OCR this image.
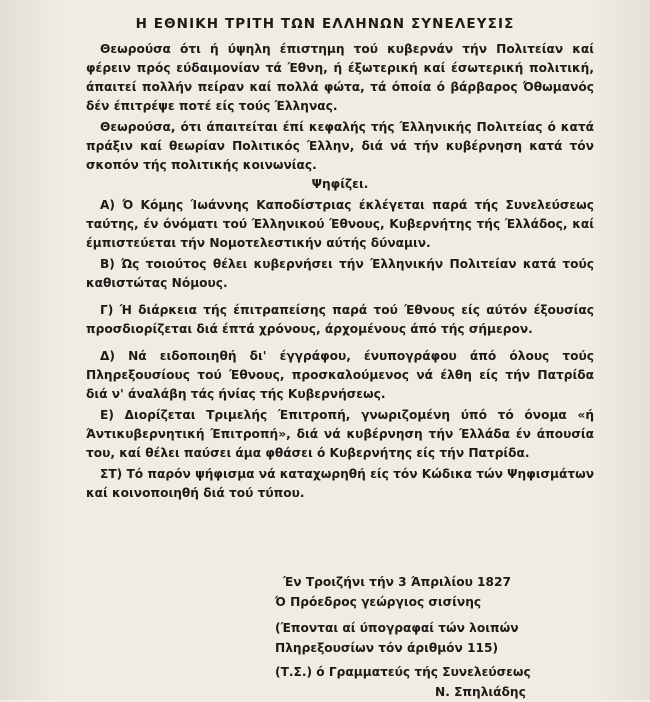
Η ΕΘΝΙΚΗ ΤΡΙΤΗ ΤΩΝ ΕΛΛΗΝΩΝ ΣΥΝΕΛΕΥΣΙΣ

Θεωρούσα ότι ή ύψηλη έπιστημη τού κυβερνάν τήν Πολιτείαν καί φέρειν πρός εύδαιμονίαν τά Έθνη, ή έξωτερική καί έσωτερική πολιτική, άπαιτεί πολλήν πείραν καί πολλά φώτα, τά όποία ό βάρβαρος Όθωμανός δέν έπιτρέψε ποτέ είς τούς Έλληνας.

Θεωρούσα, ότι άπαιτείται έπί κεφαλής τής Έλληνικής Πολιτείας ό κατά πράξιν καί θεωρίαν Πολιτικός Έλλην, διά νά τήν κυβέρνηση κατά τόν σκοπόν τής πολιτικής κοινωνίας.

Ψηφίζει.

Α) Ό Κόμης Ίωάννης Καποδίστριας έκλέγεται παρά τής Συνελεύσεως ταύτης, έν όνόματι τού Έλληνικού Έθνους, Κυβερνήτης τής Έλλάδος, καί έμπιστεύεται τήν Νομοτελεστικήν αύτής δύναμιν.

Β) Ώς τοιούτος θέλει κυβερνήσει τήν Έλληνικήν Πολιτείαν κατά τούς καθιστώτας Νόμους.

Γ) Ή διάρκεια τής έπιτραπείσης παρά τού Έθνους είς αύτόν έξουσίας προσδιορίζεται διά έπτά χρόνους, άρχομένους άπό τής σήμερον.

Δ) Νά ειδοποιηθή δι' έγγράφου, ένυπογράφου άπό όλους τούς Πληρεξουσίους τού Έθνους, προσκαλούμενος νά έλθη είς τήν Πατρίδα διά ν' άναλάβη τάς ήνίας τής Κυβερνήσεως.

Ε) Διορίζεται Τριμελής Έπιτροπή, γνωριζομένη ύπό τό όνομα «ή Άντικυβερνητική Έπιτροπή», διά νά κυβέρνηση τήν Έλλάδα έν άπουσία του, καί θέλει παύσει άμα φθάσει ό Κυβερνήτης είς τήν Πατρίδα.

ΣΤ) Τό παρόν ψήφισμα νά καταχωρηθή είς τόν Κώδικα τών Ψηφισμάτων καί κοινοποιηθή διά τού τύπου.

Έν Τροιζήνι τήν 3 Άπριλίου 1827
Ό Πρόεδρος γεώργιος σισίνης
(Έπονται αί ύπογραφαί τών λοιπών Πληρεξουσίων τόν άριθμόν 115)
(Τ.Σ.) ό Γραμματεύς τής Συνελεύσεως
Ν. Σπηλιάδης
